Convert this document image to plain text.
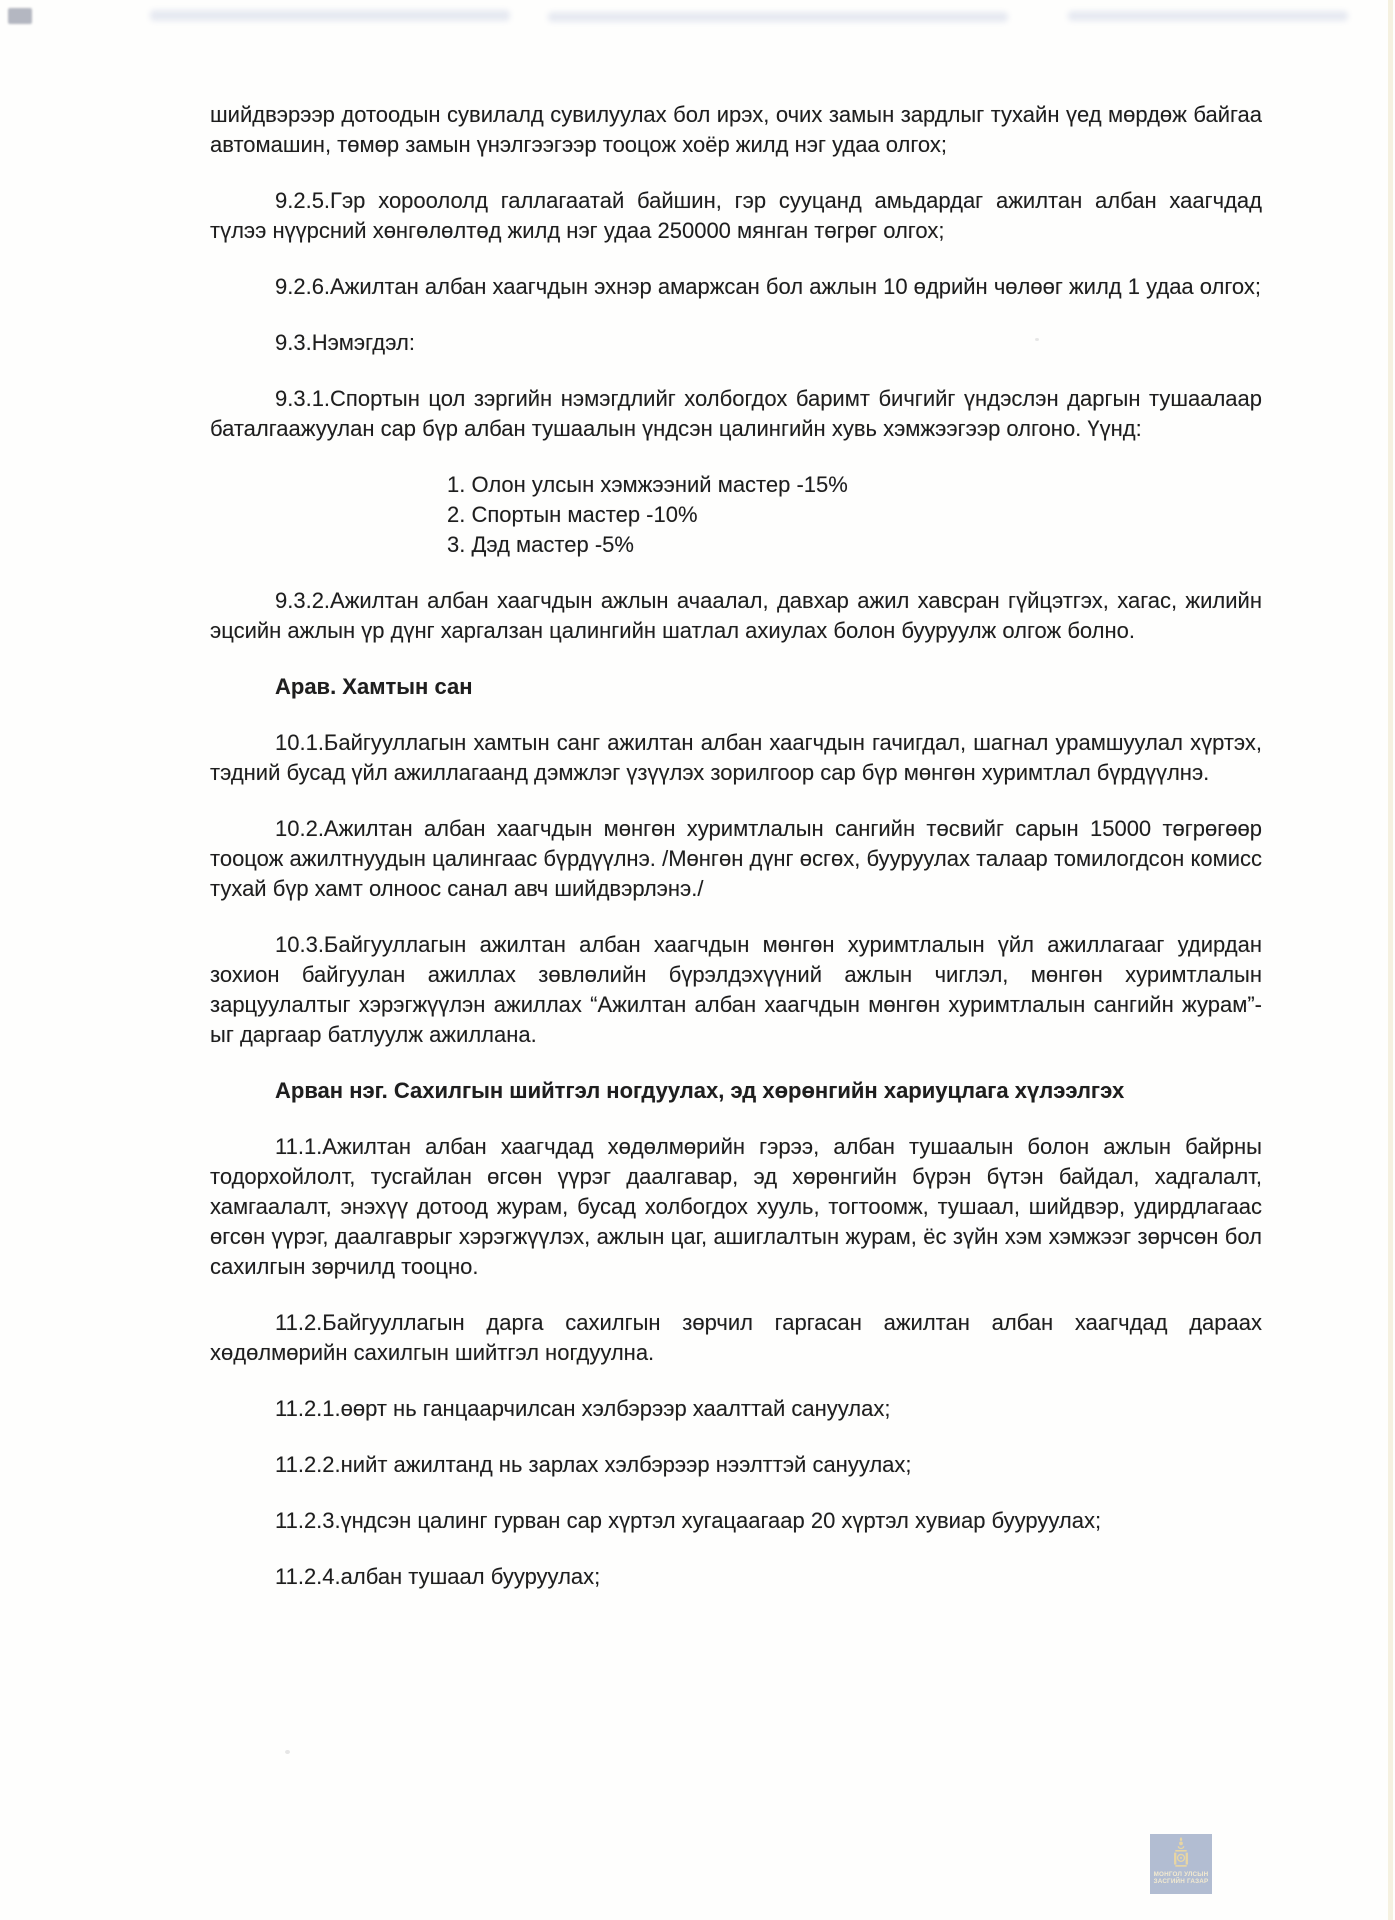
шийдвэрээр дотоодын сувилалд сувилуулах бол ирэх, очих замын зардлыг тухайн үед мөрдөж байгаа автомашин, төмөр замын үнэлгээгээр тооцож хоёр жилд нэг удаа олгох;

9.2.5.Гэр хороололд галлагаатай байшин, гэр сууцанд амьдардаг ажилтан албан хаагчдад түлээ нүүрсний хөнгөлөлтөд жилд нэг удаа 250000 мянган төгрөг олгох;

9.2.6.Ажилтан албан хаагчдын эхнэр амаржсан бол ажлын 10 өдрийн чөлөөг жилд 1 удаа олгох;

9.3.Нэмэгдэл:

9.3.1.Спортын цол зэргийн нэмэгдлийг холбогдох баримт бичгийг үндэслэн даргын тушаалаар баталгаажуулан сар бүр албан тушаалын үндсэн цалингийн хувь хэмжээгээр олгоно. Үүнд:

1. Олон улсын хэмжээний мастер -15%
2. Спортын мастер -10%
3. Дэд мастер -5%

9.3.2.Ажилтан албан хаагчдын ажлын ачаалал, давхар ажил хавсран гүйцэтгэх, хагас, жилийн эцсийн ажлын үр дүнг харгалзан цалингийн шатлал ахиулах болон бууруулж олгож болно.

Арав. Хамтын сан

10.1.Байгууллагын хамтын санг ажилтан албан хаагчдын гачигдал, шагнал урамшуулал хүртэх, тэдний бусад үйл ажиллагаанд дэмжлэг үзүүлэх зорилгоор сар бүр мөнгөн хуримтлал бүрдүүлнэ.

10.2.Ажилтан албан хаагчдын мөнгөн хуримтлалын сангийн төсвийг сарын 15000 төгрөгөөр тооцож ажилтнуудын цалингаас бүрдүүлнэ. /Мөнгөн дүнг өсгөх, бууруулах талаар томилогдсон комисс тухай бүр хамт олноос санал авч шийдвэрлэнэ./

10.3.Байгууллагын ажилтан албан хаагчдын мөнгөн хуримтлалын үйл ажиллагааг удирдан зохион байгуулан ажиллах зөвлөлийн бүрэлдэхүүний ажлын чиглэл, мөнгөн хуримтлалын зарцуулалтыг хэрэгжүүлэн ажиллах “Ажилтан албан хаагчдын мөнгөн хуримтлалын сангийн журам”-ыг даргаар батлуулж ажиллана.

Арван нэг. Сахилгын шийтгэл ногдуулах, эд хөрөнгийн хариуцлага хүлээлгэх

11.1.Ажилтан албан хаагчдад хөдөлмөрийн гэрээ, албан тушаалын болон ажлын байрны тодорхойлолт, тусгайлан өгсөн үүрэг даалгавар, эд хөрөнгийн бүрэн бүтэн байдал, хадгалалт, хамгаалалт, энэхүү дотоод журам, бусад холбогдох хууль, тогтоомж, тушаал, шийдвэр, удирдлагаас өгсөн үүрэг, даалгаврыг хэрэгжүүлэх, ажлын цаг, ашиглалтын журам, ёс зүйн хэм хэмжээг зөрчсөн бол сахилгын зөрчилд тооцно.

11.2.Байгууллагын дарга сахилгын зөрчил гаргасан ажилтан албан хаагчдад дараах хөдөлмөрийн сахилгын шийтгэл ногдуулна.

11.2.1.өөрт нь ганцаарчилсан хэлбэрээр хаалттай сануулах;

11.2.2.нийт ажилтанд нь зарлах хэлбэрээр нээлттэй сануулах;

11.2.3.үндсэн цалинг гурван сар хүртэл хугацаагаар 20 хүртэл хувиар бууруулах;

11.2.4.албан тушаал бууруулах;

МОНГОЛ УЛСЫН
ЗАСГИЙН ГАЗАР
